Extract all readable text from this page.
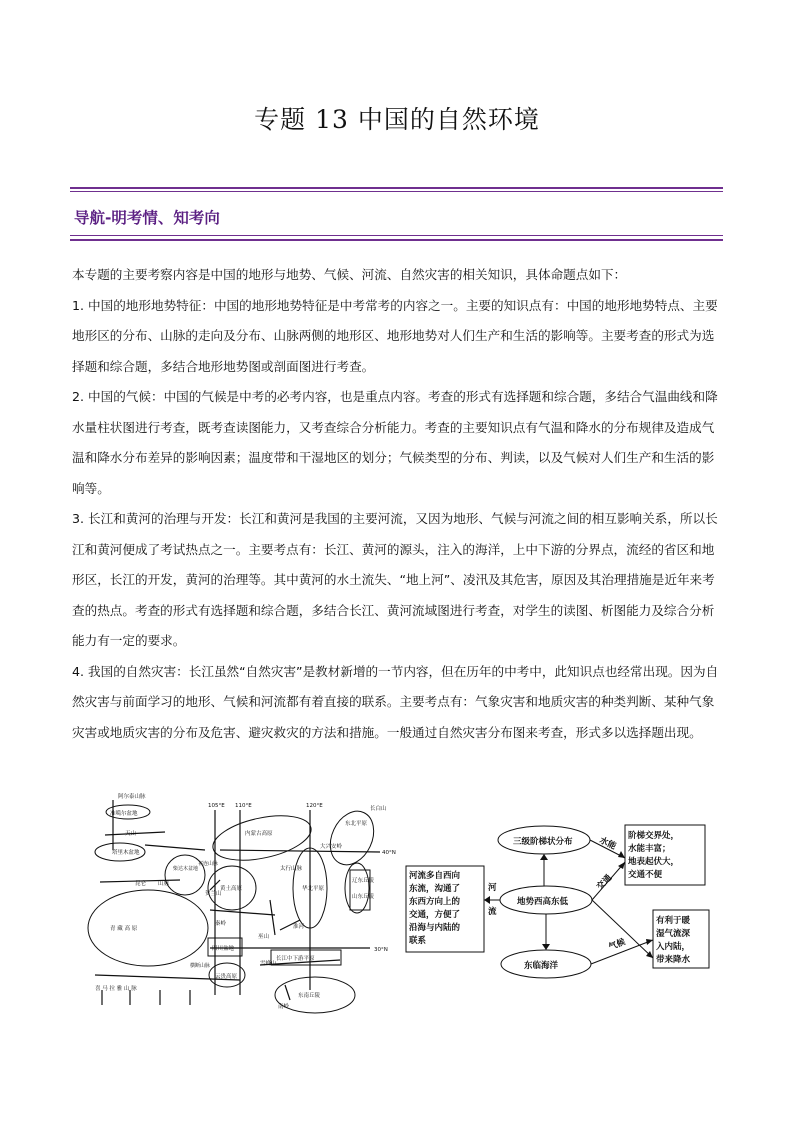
专题 13 中国的自然环境
导航-明考情、知考向

本专题的主要考察内容是中国的地形与地势、气候、河流、自然灾害的相关知识，具体命题点如下：

1. 中国的地形地势特征：中国的地形地势特征是中考常考的内容之一。主要的知识点有：中国的地形地势特点、主要地形区的分布、山脉的走向及分布、山脉两侧的地形区、地形地势对人们生产和生活的影响等。主要考查的形式为选择题和综合题，多结合地形地势图或剖面图进行考查。

2. 中国的气候：中国的气候是中考的必考内容，也是重点内容。考查的形式有选择题和综合题，多结合气温曲线和降水量柱状图进行考查，既考查读图能力，又考查综合分析能力。考查的主要知识点有气温和降水的分布规律及造成气温和降水分布差异的影响因素；温度带和干湿地区的划分；气候类型的分布、判读，以及气候对人们生产和生活的影响等。

3. 长江和黄河的治理与开发：长江和黄河是我国的主要河流，又因为地形、气候与河流之间的相互影响关系，所以长江和黄河便成了考试热点之一。主要考点有：长江、黄河的源头，注入的海洋，上中下游的分界点，流经的省区和地形区，长江的开发，黄河的治理等。其中黄河的水土流失、“地上河”、凌汛及其危害，原因及其治理措施是近年来考查的热点。考查的形式有选择题和综合题，多结合长江、黄河流域图进行考查，对学生的读图、析图能力及综合分析能力有一定的要求。

4. 我国的自然灾害：长江虽然“自然灾害”是教材新增的一节内容，但在历年的中考中，此知识点也经常出现。因为自然灾害与前面学习的地形、气候和河流都有着直接的联系。主要考点有：气象灾害和地质灾害的种类判断、某种气象灾害或地质灾害的分布及危害、避灾救灾的方法和措施。一般通过自然灾害分布图来考查，形式多以选择题出现。

阿尔泰山脉
准噶尔盆地
天山
塔里木盆地
昆仑 山脉
柴达木盆地
祁连山脉
青 藏 高 原
喜 马 拉 雅 山 脉
横断山脉
内蒙古高原
贺兰山
黄土高原
太行山脉
华北平原
大兴安岭
东北平原
长白山
辽东丘陵
山东丘陵
秦岭	淮河
四川盆地
云贵高原
巫山
雪峰山
长江中下游平原
东南丘陵
南岭
105°E 110°E	120°E
40°N
30°N
河流多自西向
东流，沟通了
东西方向上的
交通，方便了
沿海与内陆的
联系
河
流
三级阶梯状分布
地势西高东低
东临海洋
水能
交通
气候
阶梯交界处，
水能丰富；
地表起伏大，
交通不便
有利于暖
湿气流深
入内陆，
带来降水
